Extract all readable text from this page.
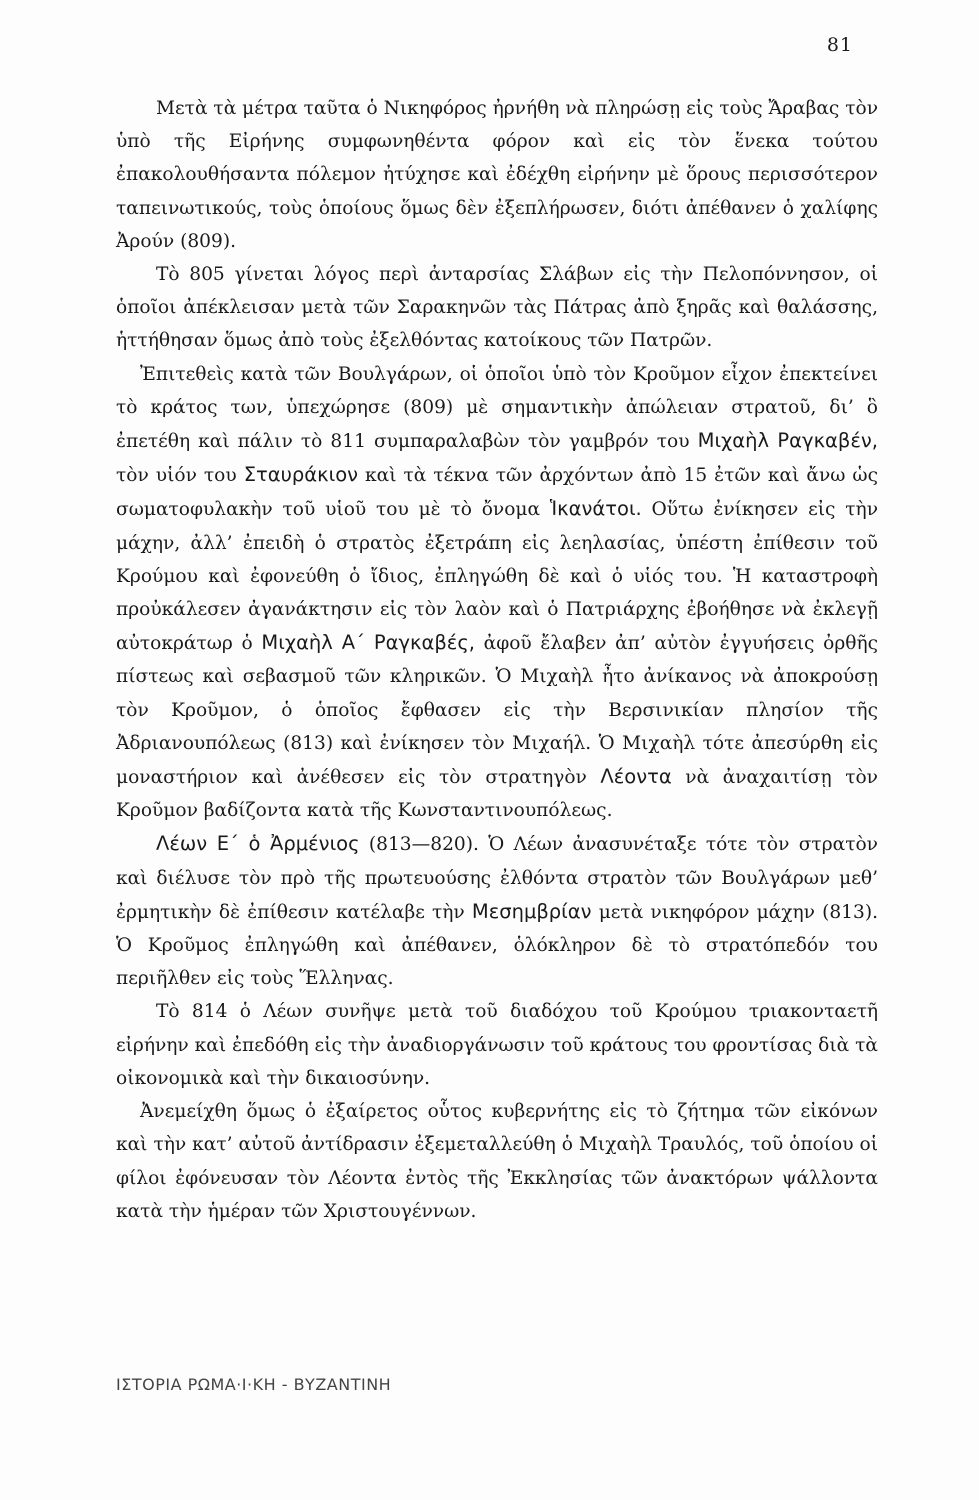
81

Μετὰ τὰ μέτρα ταῦτα ὁ Νικηφόρος ἠρνήθη νὰ πληρώσῃ εἰς τοὺς Ἄραβας τὸν ὑπὸ τῆς Εἰρήνης συμφωνηθέντα φόρον καὶ εἰς τὸν ἕνεκα τούτου ἐπακολουθήσαντα πόλεμον ἠτύχησε καὶ ἐδέχθη εἰρήνην μὲ ὅρους περισσότερον ταπεινωτικούς, τοὺς ὁποίους ὅμως δὲν ἐξεπλήρωσεν, διότι ἀπέθανεν ὁ χαλίφης Ἀρούν (809).

Τὸ 805 γίνεται λόγος περὶ ἀνταρσίας Σλάβων εἰς τὴν Πελοπόννησον, οἱ ὁποῖοι ἀπέκλεισαν μετὰ τῶν Σαρακηνῶν τὰς Πάτρας ἀπὸ ξηρᾶς καὶ θαλάσσης, ἡττήθησαν ὅμως ἀπὸ τοὺς ἐξελθόντας κατοίκους τῶν Πατρῶν.

Ἐπιτεθεὶς κατὰ τῶν Βουλγάρων, οἱ ὁποῖοι ὑπὸ τὸν Κροῦμον εἶχον ἐπεκτείνει τὸ κράτος των, ὑπεχώρησε (809) μὲ σημαντικὴν ἀπώλειαν στρατοῦ, δι’ ὃ ἐπετέθη καὶ πάλιν τὸ 811 συμπαραλαβὼν τὸν γαμβρόν του Μιχαὴλ Ραγκαβέν, τὸν υἱόν του Σταυράκιον καὶ τὰ τέκνα τῶν ἀρχόντων ἀπὸ 15 ἐτῶν καὶ ἄνω ὡς σωματοφυλακὴν τοῦ υἱοῦ του μὲ τὸ ὄνομα Ἱκανάτοι. Οὕτω ἐνίκησεν εἰς τὴν μάχην, ἀλλ’ ἐπειδὴ ὁ στρατὸς ἐξετράπη εἰς λεηλασίας, ὑπέστη ἐπίθεσιν τοῦ Κρούμου καὶ ἐφονεύθη ὁ ἴδιος, ἐπληγώθη δὲ καὶ ὁ υἱός του. Ἡ καταστροφὴ προὐκάλεσεν ἀγανάκτησιν εἰς τὸν λαὸν καὶ ὁ Πατριάρχης ἐβοήθησε νὰ ἐκλεγῇ αὐτοκράτωρ ὁ Μιχαὴλ Α΄ Ραγκαβές, ἀφοῦ ἔλαβεν ἀπ’ αὐτὸν ἐγγυήσεις ὀρθῆς πίστεως καὶ σεβασμοῦ τῶν κληρικῶν. Ὁ Μιχαὴλ ἦτο ἀνίκανος νὰ ἀποκρούσῃ τὸν Κροῦμον, ὁ ὁποῖος ἔφθασεν εἰς τὴν Βερσινικίαν πλησίον τῆς Ἀδριανουπόλεως (813) καὶ ἐνίκησεν τὸν Μιχαήλ. Ὁ Μιχαὴλ τότε ἀπεσύρθη εἰς μοναστήριον καὶ ἀνέθεσεν εἰς τὸν στρατηγὸν Λέοντα νὰ ἀναχαιτίσῃ τὸν Κροῦμον βαδίζοντα κατὰ τῆς Κωνσταντινουπόλεως.

Λέων Ε΄ ὁ Ἀρμένιος (813—820). Ὁ Λέων ἀνασυνέταξε τότε τὸν στρατὸν καὶ διέλυσε τὸν πρὸ τῆς πρωτευούσης ἐλθόντα στρατὸν τῶν Βουλγάρων μεθ’ ἐρμητικὴν δὲ ἐπίθεσιν κατέλαβε τὴν Μεσημβρίαν μετὰ νικηφόρον μάχην (813). Ὁ Κροῦμος ἐπληγώθη καὶ ἀπέθανεν, ὁλόκληρον δὲ τὸ στρατόπεδόν του περιῆλθεν εἰς τοὺς Ἕλληνας.

Τὸ 814 ὁ Λέων συνῆψε μετὰ τοῦ διαδόχου τοῦ Κρούμου τριακονταετῆ εἰρήνην καὶ ἐπεδόθη εἰς τὴν ἀναδιοργάνωσιν τοῦ κράτους του φροντίσας διὰ τὰ οἰκονομικὰ καὶ τὴν δικαιοσύνην.

Ἀνεμείχθη ὅμως ὁ ἐξαίρετος οὗτος κυβερνήτης εἰς τὸ ζήτημα τῶν εἰκόνων καὶ τὴν κατ’ αὐτοῦ ἀντίδρασιν ἐξεμεταλλεύθη ὁ Μιχαὴλ Τραυλός, τοῦ ὁποίου οἱ φίλοι ἐφόνευσαν τὸν Λέοντα ἐντὸς τῆς Ἐκκλησίας τῶν ἀνακτόρων ψάλλοντα κατὰ τὴν ἡμέραν τῶν Χριστουγέννων.

ΙΣΤΟΡΙΑ ΡΩΜΑ·Ι·ΚΗ - ΒΥΖΑΝΤΙΝΗ
